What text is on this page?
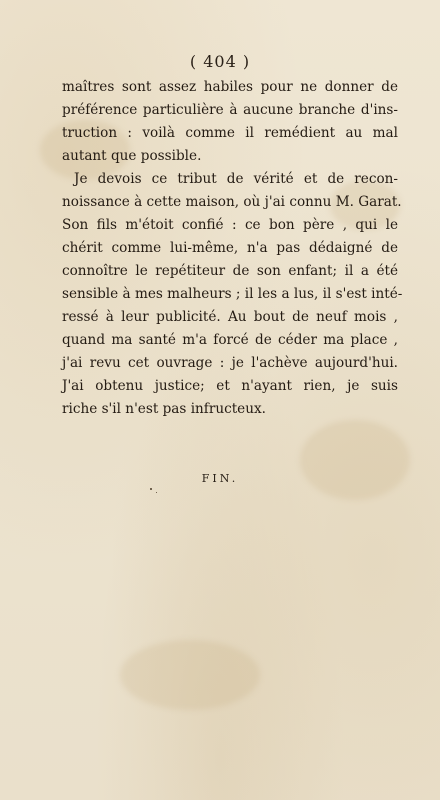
( 404 )
maîtres sont assez habiles pour ne donner de
préférence particulière à aucune branche d'ins-
truction : voilà comme il remédient au mal
autant que possible.
Je devois ce tribut de vérité et de recon-
noissance à cette maison, où j'ai connu M. Garat.
Son fils m'étoit confié : ce bon père , qui le
chérit comme lui-même, n'a pas dédaigné de
connoître le repétiteur de son enfant; il a été
sensible à mes malheurs ; il les a lus, il s'est inté-
ressé à leur publicité. Au bout de neuf mois ,
quand ma santé m'a forcé de céder ma place ,
j'ai revu cet ouvrage : je l'achève aujourd'hui.
J'ai obtenu justice; et n'ayant rien, je suis
riche s'il n'est pas infructeux.
FIN.
